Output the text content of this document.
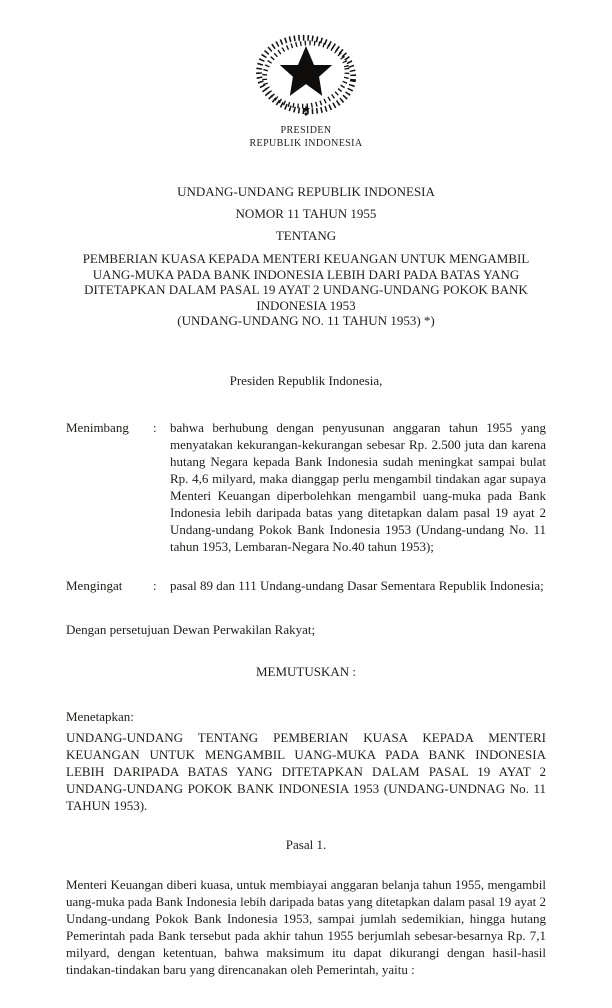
PRESIDEN
REPUBLIK INDONESIA
UNDANG-UNDANG REPUBLIK INDONESIA
NOMOR 11 TAHUN 1955
TENTANG
PEMBERIAN KUASA KEPADA MENTERI KEUANGAN UNTUK MENGAMBIL UANG-MUKA PADA BANK INDONESIA LEBIH DARI PADA BATAS YANG DITETAPKAN DALAM PASAL 19 AYAT 2 UNDANG-UNDANG POKOK BANK INDONESIA 1953
(UNDANG-UNDANG NO. 11 TAHUN 1953) *)
Presiden Republik Indonesia,
Menimbang	:	bahwa berhubung dengan penyusunan anggaran tahun 1955 yang menyatakan kekurangan-kekurangan sebesar Rp. 2.500 juta dan karena hutang Negara kepada Bank Indonesia sudah meningkat sampai bulat Rp. 4,6 milyard, maka dianggap perlu mengambil tindakan agar supaya Menteri Keuangan diperbolehkan mengambil uang-muka pada Bank Indonesia lebih daripada batas yang ditetapkan dalam pasal 19 ayat 2 Undang-undang Pokok Bank Indonesia 1953 (Undang-undang No. 11 tahun 1953, Lembaran-Negara No.40 tahun 1953);
Mengingat	:	pasal 89 dan 111 Undang-undang Dasar Sementara Republik Indonesia;
Dengan persetujuan Dewan Perwakilan Rakyat;
MEMUTUSKAN :
Menetapkan:
UNDANG-UNDANG TENTANG PEMBERIAN KUASA KEPADA MENTERI KEUANGAN UNTUK MENGAMBIL UANG-MUKA PADA BANK INDONESIA LEBIH DARIPADA BATAS YANG DITETAPKAN DALAM PASAL 19 AYAT 2 UNDANG-UNDANG POKOK BANK INDONESIA 1953 (UNDANG-UNDNAG No. 11 TAHUN 1953).
Pasal 1.
Menteri Keuangan diberi kuasa, untuk membiayai anggaran belanja tahun 1955, mengambil uang-muka pada Bank Indonesia lebih daripada batas yang ditetapkan dalam pasal 19 ayat 2 Undang-undang Pokok Bank Indonesia 1953, sampai jumlah sedemikian, hingga hutang Pemerintah pada Bank tersebut pada akhir tahun 1955 berjumlah sebesar-besarnya Rp. 7,1 milyard, dengan ketentuan, bahwa maksimum itu dapat dikurangi dengan hasil-hasil tindakan-tindakan baru yang direncanakan oleh Pemerintah, yaitu :
